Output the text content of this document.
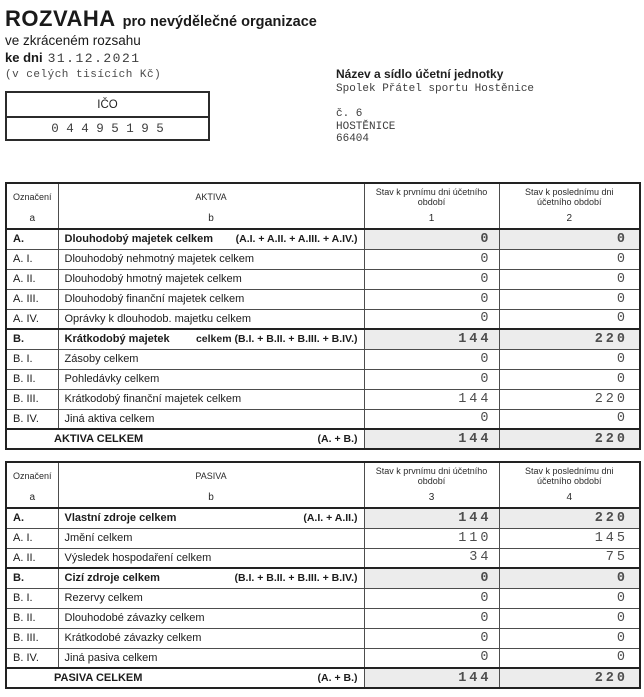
ROZVAHA pro nevýdělečné organizace
ve zkráceném rozsahu
ke dni 31.12.2021
(v celých tisících Kč)
IČO
0 4 4 9 5 1 9 5
Název a sídlo účetní jednotky
Spolek Přátel sportu Hostěnice
č. 6
HOSTĚNICE
66404
Označení
a

AKTIVA
b

Stav k prvnímu dni účetního období
1

Stav k poslednímu dni účetního období
2

A.	Dlouhodobý majetek celkem (A.I. + A.II. + A.III. + A.IV.)	0	0
A. I.	Dlouhodobý nehmotný majetek celkem	0	0
A. II.	Dlouhodobý hmotný majetek celkem	0	0
A. III.	Dlouhodobý finanční majetek celkem	0	0
A. IV.	Oprávky k dlouhodob. majetku celkem	0	0
B.	Krátkodobý majetek celkem (B.I. + B.II. + B.III. + B.IV.)	144	220
B. I.	Zásoby celkem	0	0
B. II.	Pohledávky celkem	0	0
B. III.	Krátkodobý finanční majetek celkem	144	220
B. IV.	Jiná aktiva celkem	0	0

AKTIVA CELKEM (A. + B.)		144	220
Označení
a

PASIVA
b

Stav k prvnímu dni účetního období
3

Stav k poslednímu dni účetního období
4

A.	Vlastní zdroje celkem (A.I. + A.II.)	144	220
A. I.	Jmění celkem	110	145
A. II.	Výsledek hospodaření celkem	34	75
B.	Cizí zdroje celkem (B.I. + B.II. + B.III. + B.IV.)	0	0
B. I.	Rezervy celkem	0	0
B. II.	Dlouhodobé závazky celkem	0	0
B. III.	Krátkodobé závazky celkem	0	0
B. IV.	Jiná pasiva celkem	0	0

PASIVA CELKEM (A. + B.)		144	220
